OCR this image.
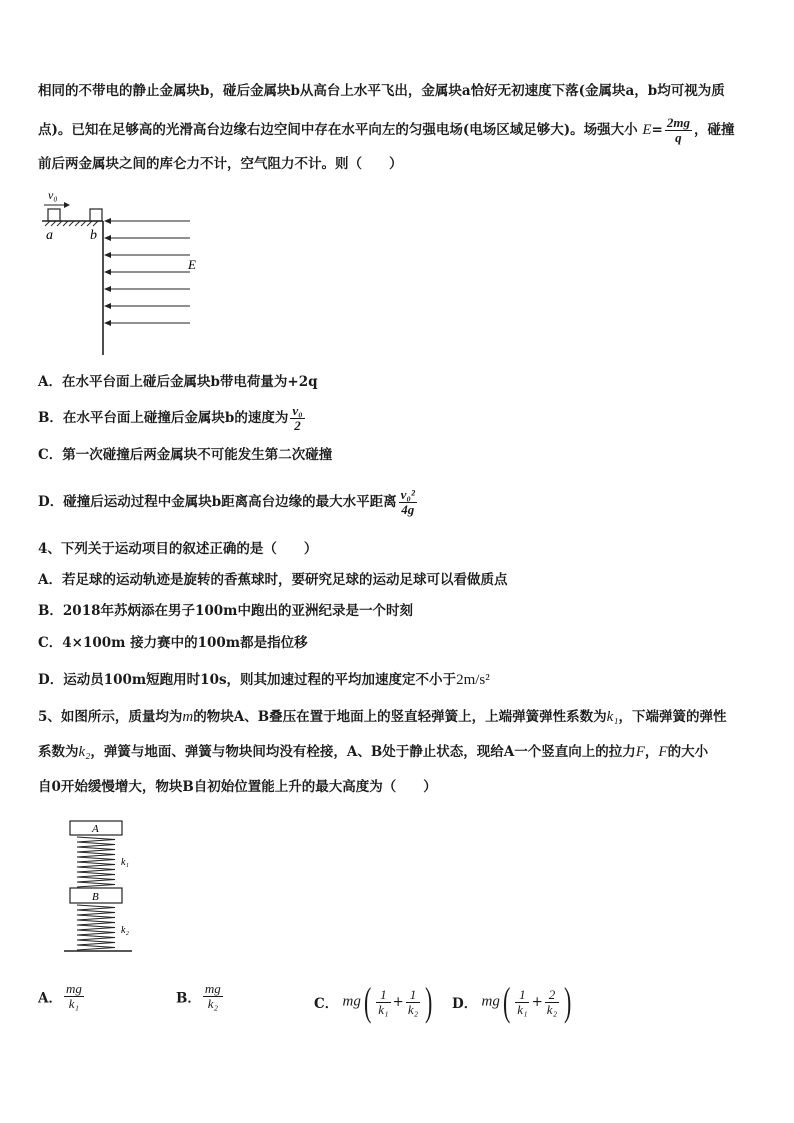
相同的不带电的静止金属块b，碰后金属块b从高台上水平飞出，金属块a恰好无初速度下落(金属块a，b均可视为质
点)。已知在足够高的光滑高台边缘右边空间中存在水平向左的匀强电场(电场区域足够大)。场强大小 $E= \frac{2mg}{q}$ ，碰撞
前后两金属块之间的库仑力不计，空气阻力不计。则（　　）
v₀
a	b
E
A．在水平台面上碰后金属块b带电荷量为+2q
B．在水平台面上碰撞后金属块b的速度为 $\frac{\text{v₀}}{2}$
C．第一次碰撞后两金属块不可能发生第二次碰撞
D．碰撞后运动过程中金属块b距离高台边缘的最大水平距离 $\frac{\text{v₀²}}{4g}$
4、下列关于运动项目的叙述正确的是（　　）
A．若足球的运动轨迹是旋转的香蕉球时，要研究足球的运动足球可以看做质点
B．2018年苏炳添在男子100m中跑出的亚洲纪录是一个时刻
C．4×100m 接力赛中的100m都是指位移
D．运动员100m短跑用时10s，则其加速过程的平均加速度定不小于2m/s²
5、如图所示，质量均为m的物块A、B叠压在置于地面上的竖直轻弹簧上，上端弹簧弹性系数为k₁，下端弹簧的弹性
系数为k₂，弹簧与地面、弹簧与物块间均没有栓接，A、B处于静止状态，现给A一个竖直向上的拉力F，F的大小
自0开始缓慢增大，物块B自初始位置能上升的最大高度为（　　）
A
k₁
B
k₂
A． $\frac{mg}{\text{k₁}}$	B． $\frac{mg}{\text{k₂}}$	C． $mg( \frac{1}{\text{k₁}} + \frac{1}{\text{k₂}}$ ) D． $mg( \frac{1}{\text{k₁}} + \frac{2}{\text{k₂}}$ )
